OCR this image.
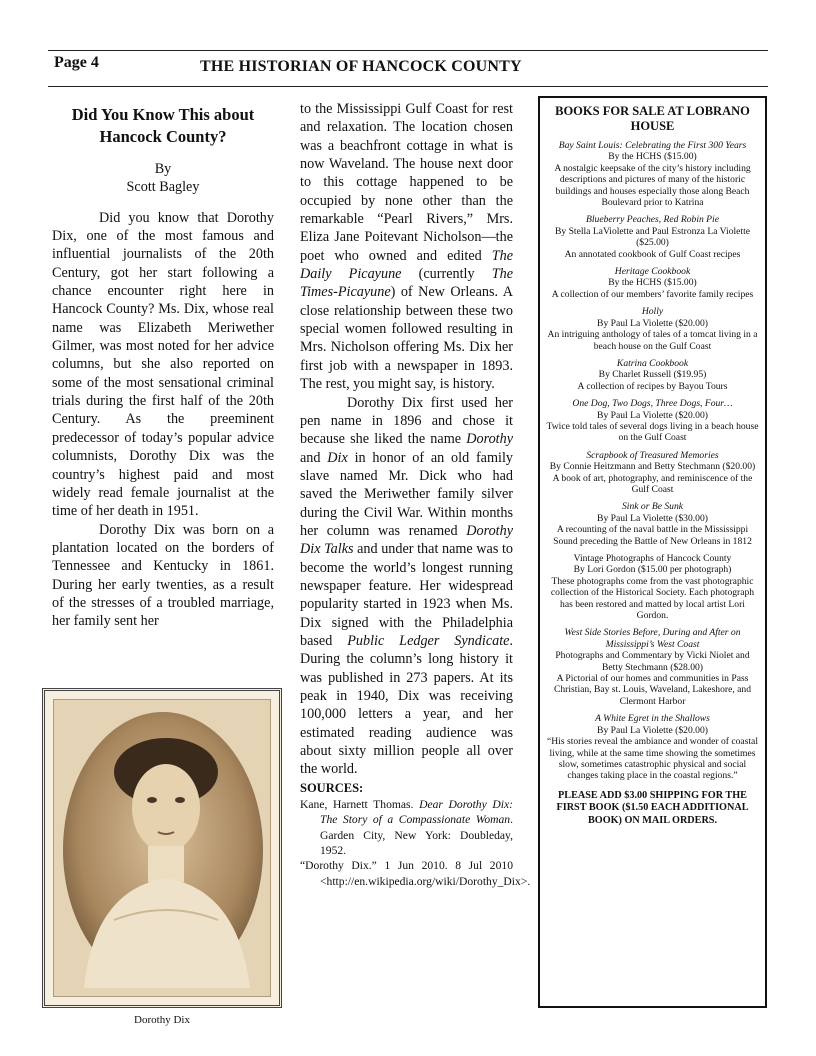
Page 4	THE HISTORIAN OF HANCOCK COUNTY
Did You Know This about Hancock County?
By
Scott Bagley

Did you know that Dorothy Dix, one of the most famous and influential journalists of the 20th Century, got her start following a chance encounter right here in Hancock County? Ms. Dix, whose real name was Elizabeth Meriwether Gilmer, was most noted for her advice columns, but she also reported on some of the most sensational criminal trials during the first half of the 20th Century. As the preeminent predecessor of today’s popular advice columnists, Dorothy Dix was the country’s highest paid and most widely read female journalist at the time of her death in 1951.

Dorothy Dix was born on a plantation located on the borders of Tennessee and Kentucky in 1861. During her early twenties, as a result of the stresses of a troubled marriage, her family sent her

Dorothy Dix

to the Mississippi Gulf Coast for rest and relaxation. The location chosen was a beachfront cottage in what is now Waveland. The house next door to this cottage happened to be occupied by none other than the remarkable “Pearl Rivers,” Mrs. Eliza Jane Poitevant Nicholson—the poet who owned and edited The Daily Picayune (currently The Times-Picayune) of New Orleans. A close relationship between these two special women followed resulting in Mrs. Nicholson offering Ms. Dix her first job with a newspaper in 1893. The rest, you might say, is history.

Dorothy Dix first used her pen name in 1896 and chose it because she liked the name Dorothy and Dix in honor of an old family slave named Mr. Dick who had saved the Meriwether family silver during the Civil War. Within months her column was renamed Dorothy Dix Talks and under that name was to become the world’s longest running newspaper feature. Her widespread popularity started in 1923 when Ms. Dix signed with the Philadelphia based Public Ledger Syndicate. During the column’s long history it was published in 273 papers. At its peak in 1940, Dix was receiving 100,000 letters a year, and her estimated reading audience was about sixty million people all over the world.

SOURCES:

Kane, Harnett Thomas. Dear Dorothy Dix: The Story of a Compassionate Woman. Garden City, New York: Doubleday, 1952.

“Dorothy Dix.” 1 Jun 2010. 8 Jul 2010 <http://en.wikipedia.org/wiki/Dorothy_Dix>.

BOOKS FOR SALE AT LOBRANO HOUSE
Bay Saint Louis: Celebrating the First 300 Years
By the HCHS ($15.00)
A nostalgic keepsake of the city’s history including descriptions and pictures of many of the historic buildings and houses especially those along Beach Boulevard prior to Katrina
Blueberry Peaches, Red Robin Pie
By Stella LaViolette and Paul Estronza La Violette ($25.00)
An annotated cookbook of Gulf Coast recipes
Heritage Cookbook
By the HCHS ($15.00)
A collection of our members’ favorite family recipes
Holly
By Paul La Violette ($20.00)
An intriguing anthology of tales of a tomcat living in a beach house on the Gulf Coast
Katrina Cookbook
By Charlet Russell ($19.95)
A collection of recipes by Bayou Tours
One Dog, Two Dogs, Three Dogs, Four…
By Paul La Violette ($20.00)
Twice told tales of several dogs living in a beach house on the Gulf Coast
Scrapbook of Treasured Memories
By Connie Heitzmann and Betty Stechmann ($20.00)
A book of art, photography, and reminiscence of the Gulf Coast
Sink or Be Sunk
By Paul La Violette ($30.00)
A recounting of the naval battle in the Mississippi Sound preceding the Battle of New Orleans in 1812
Vintage Photographs of Hancock County
By Lori Gordon ($15.00 per photograph)
These photographs come from the vast photographic collection of the Historical Society. Each photograph has been restored and matted by local artist Lori Gordon.
West Side Stories Before, During and After on Mississippi’s West Coast
Photographs and Commentary by Vicki Niolet and Betty Stechmann ($28.00)
A Pictorial of our homes and communities in Pass Christian, Bay st. Louis, Waveland, Lakeshore, and Clermont Harbor
A White Egret in the Shallows
By Paul La Violette ($20.00)
“His stories reveal the ambiance and wonder of coastal living, while at the same time showing the sometimes slow, sometimes catastrophic physical and social changes taking place in the coastal regions.”
PLEASE ADD $3.00 SHIPPING FOR THE FIRST BOOK ($1.50 EACH ADDITIONAL BOOK) ON MAIL ORDERS.
